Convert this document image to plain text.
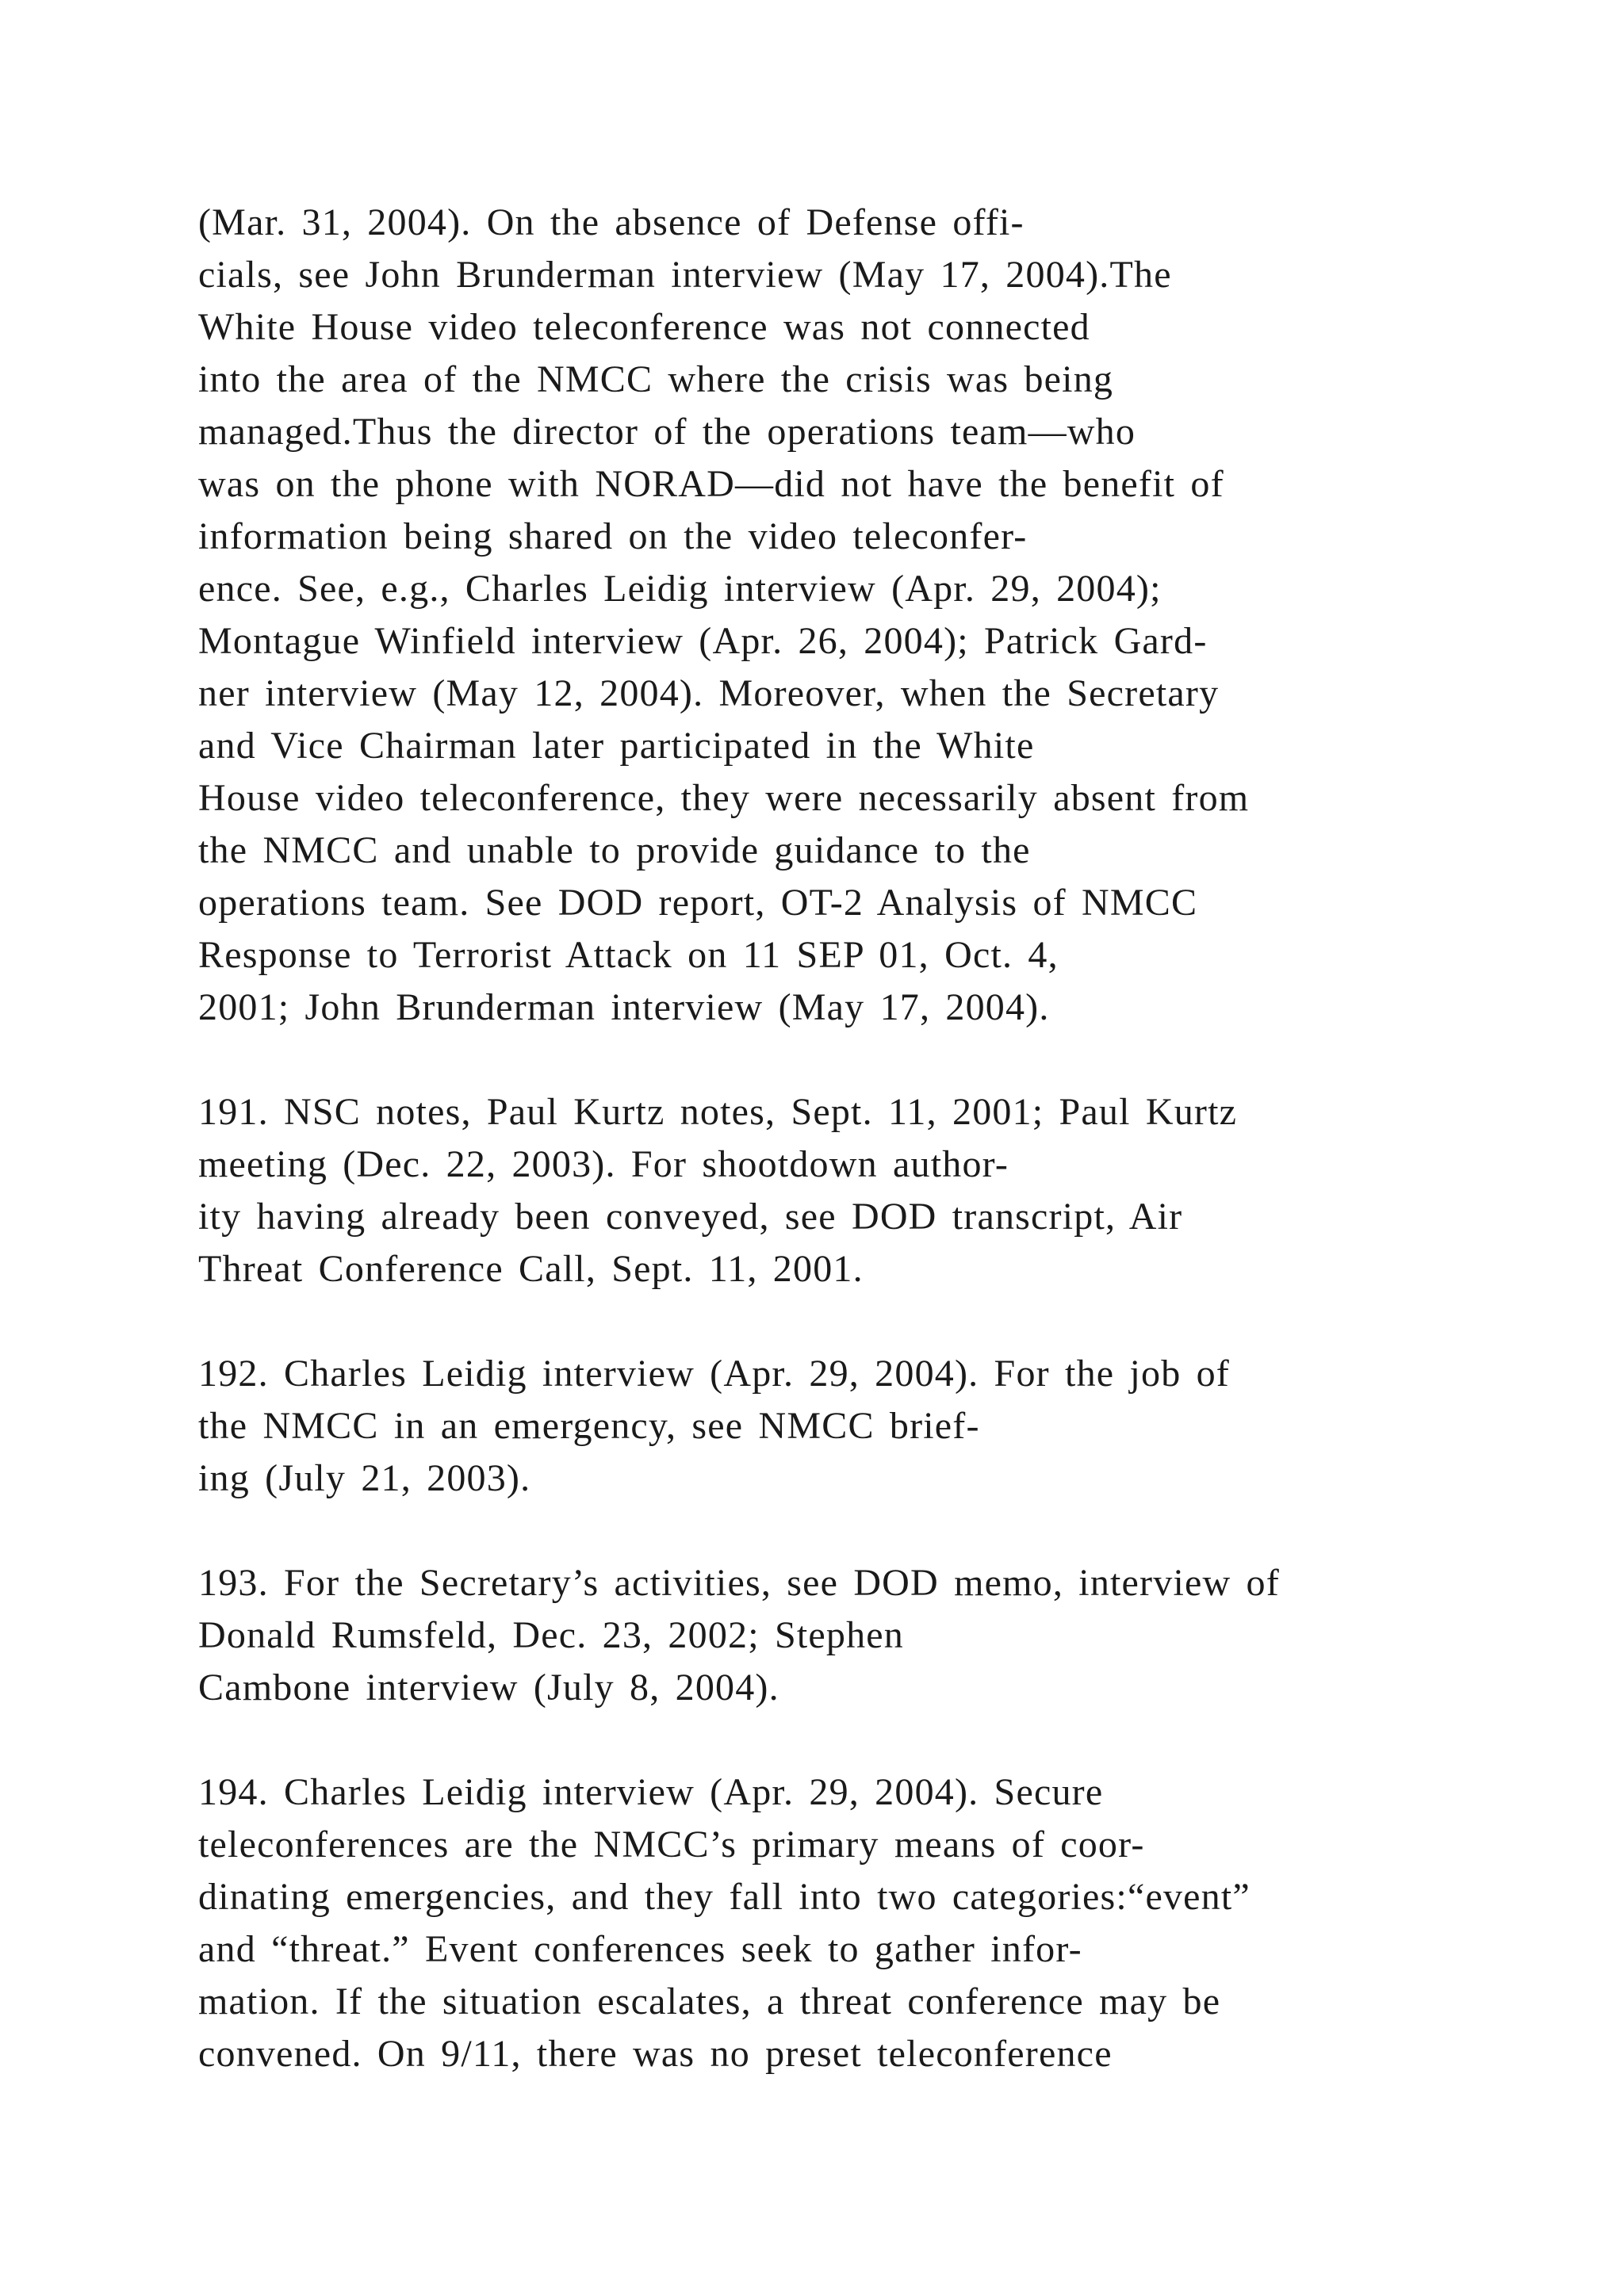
(Mar. 31, 2004). On the absence of Defense offi-
cials, see John Brunderman interview (May 17, 2004).The
White House video teleconference was not connected
into the area of the NMCC where the crisis was being
managed.Thus the director of the operations team—who
was on the phone with NORAD—did not have the benefit of
information being shared on the video teleconfer-
ence. See, e.g., Charles Leidig interview (Apr. 29, 2004);
Montague Winfield interview (Apr. 26, 2004); Patrick Gard-
ner interview (May 12, 2004). Moreover, when the Secretary
and Vice Chairman later participated in the White
House video teleconference, they were necessarily absent from
the NMCC and unable to provide guidance to the
operations team. See DOD report, OT-2 Analysis of NMCC
Response to Terrorist Attack on 11 SEP 01, Oct. 4,
2001; John Brunderman interview (May 17, 2004).

191. NSC notes, Paul Kurtz notes, Sept. 11, 2001; Paul Kurtz
meeting (Dec. 22, 2003). For shootdown author-
ity having already been conveyed, see DOD transcript, Air
Threat Conference Call, Sept. 11, 2001.

192. Charles Leidig interview (Apr. 29, 2004). For the job of
the NMCC in an emergency, see NMCC brief-
ing (July 21, 2003).

193. For the Secretary’s activities, see DOD memo, interview of
Donald Rumsfeld, Dec. 23, 2002; Stephen
Cambone interview (July 8, 2004).

194. Charles Leidig interview (Apr. 29, 2004). Secure
teleconferences are the NMCC’s primary means of coor-
dinating emergencies, and they fall into two categories:“event”
and “threat.” Event conferences seek to gather infor-
mation. If the situation escalates, a threat conference may be
convened. On 9/11, there was no preset teleconference
